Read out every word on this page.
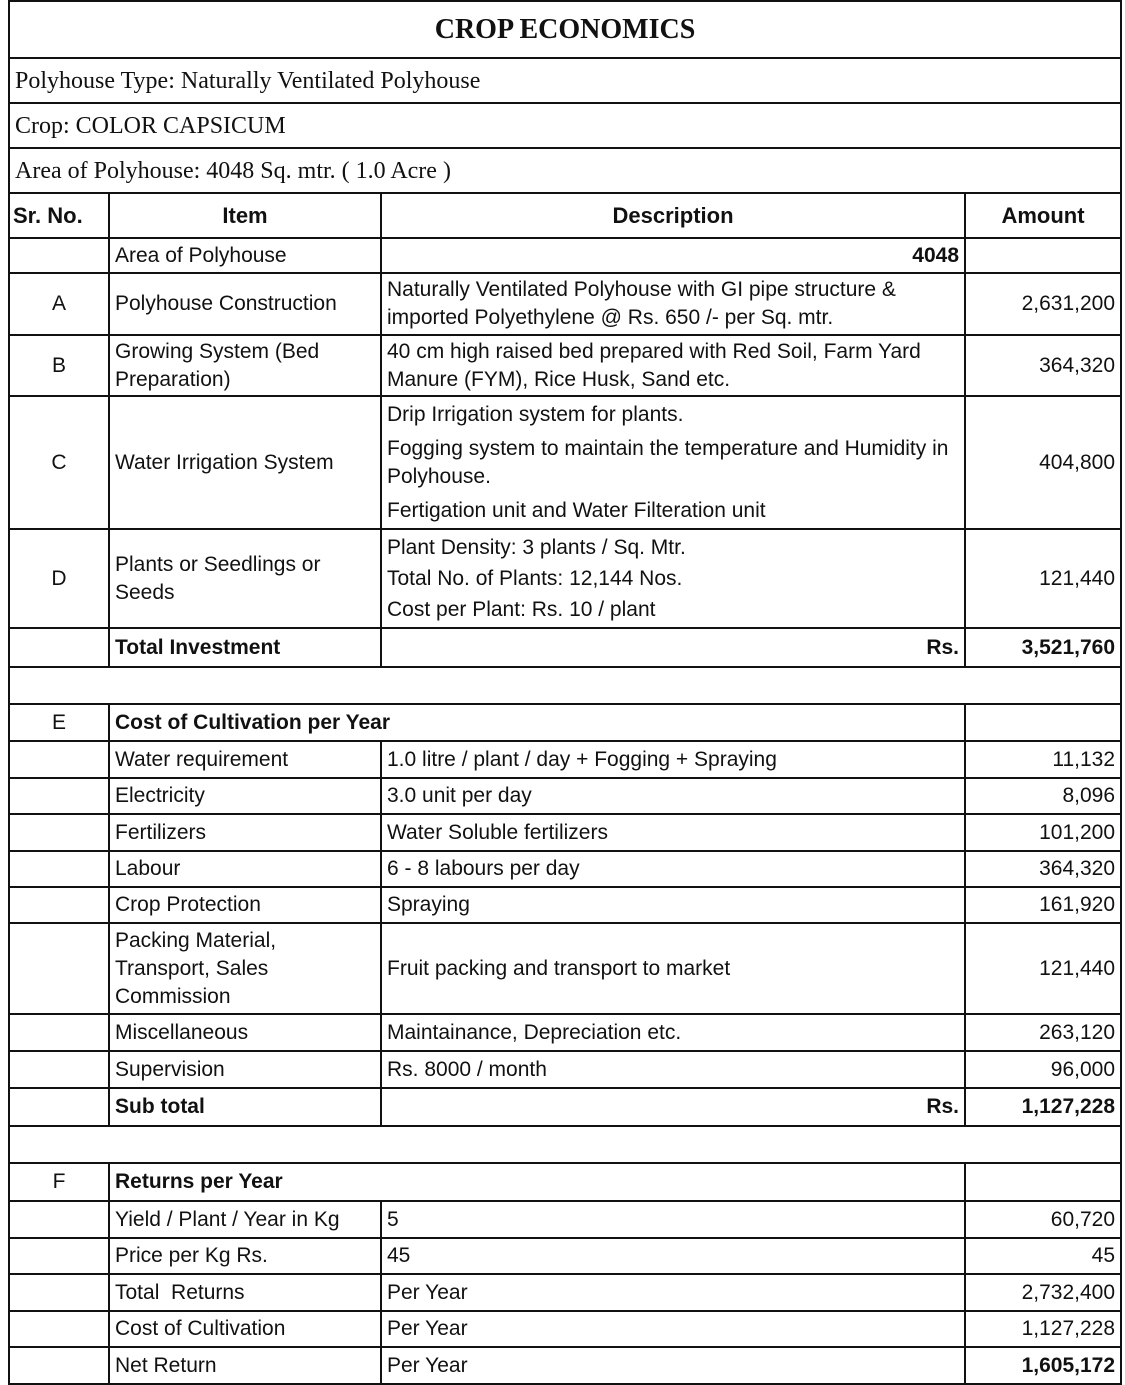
CROP ECONOMICS			
Polyhouse Type: Naturally Ventilated Polyhouse			
Crop: COLOR CAPSICUM			
Area of Polyhouse: 4048 Sq. mtr. ( 1.0 Acre )			
Sr. No.	Item	Description	Amount
	Area of Polyhouse	4048	
A	Polyhouse Construction	Naturally Ventilated Polyhouse with GI pipe structure & imported Polyethylene @ Rs. 650 /- per Sq. mtr.	2,631,200
B	Growing System (Bed Preparation)	40 cm high raised bed prepared with Red Soil, Farm Yard Manure (FYM), Rice Husk, Sand etc.	364,320
C	Water Irrigation System	Drip Irrigation system for plants.
Fogging system to maintain the temperature and Humidity in Polyhouse.
Fertigation unit and Water Filteration unit	404,800
D	Plants or Seedlings or Seeds	Plant Density: 3 plants / Sq. Mtr.
Total No. of Plants: 12,144 Nos.
Cost per Plant: Rs. 10 / plant	121,440
	Total Investment	Rs.	3,521,760

E	Cost of Cultivation per Year		
	Water requirement	1.0 litre / plant / day + Fogging + Spraying	11,132
	Electricity	3.0 unit per day	8,096
	Fertilizers	Water Soluble fertilizers	101,200
	Labour	6 - 8 labours per day	364,320
	Crop Protection	Spraying	161,920
	Packing Material, Transport, Sales Commission	Fruit packing and transport to market	121,440
	Miscellaneous	Maintainance, Depreciation etc.	263,120
	Supervision	Rs. 8000 / month	96,000
	Sub total	Rs.	1,127,228

F	Returns per Year		
	Yield / Plant / Year in Kg	5	60,720
	Price per Kg Rs.	45	45
	Total  Returns	Per Year	2,732,400
	Cost of Cultivation	Per Year	1,127,228
	Net Return	Per Year	1,605,172
